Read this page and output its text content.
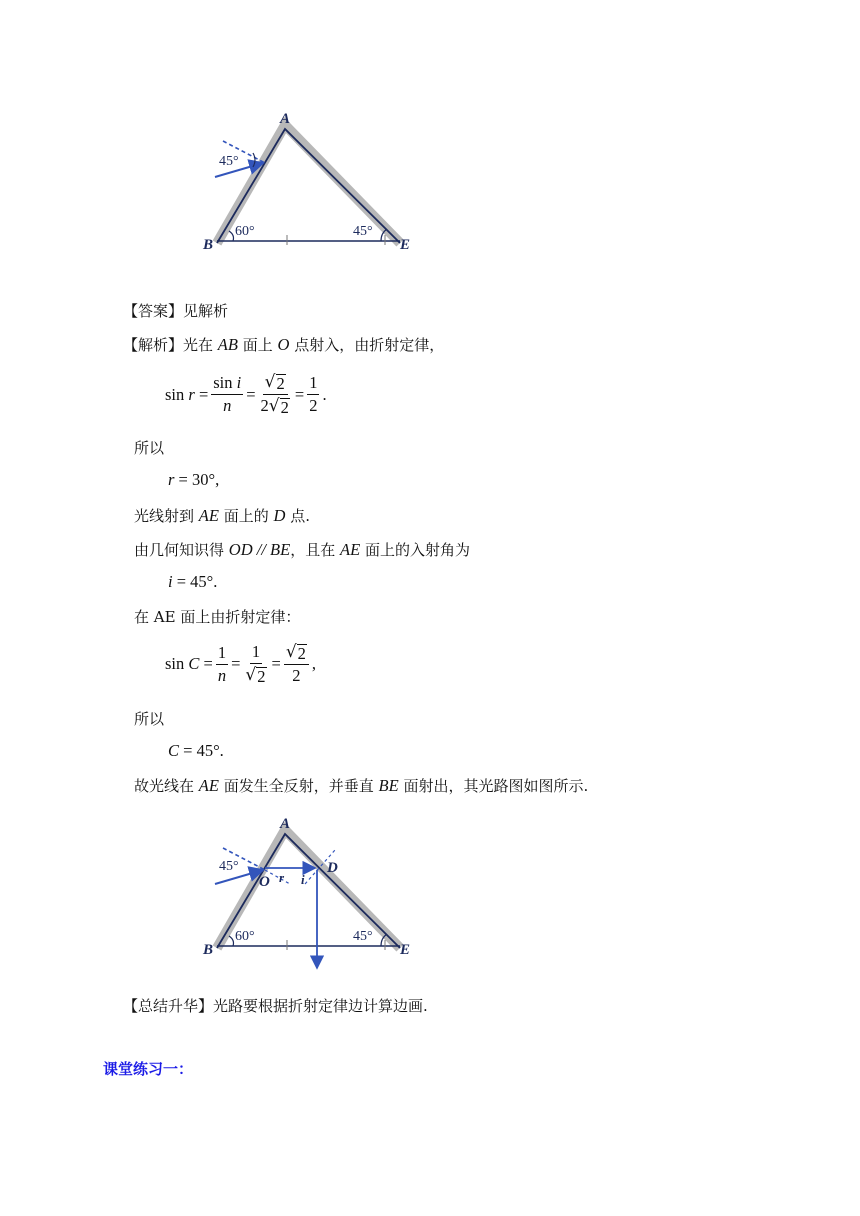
A
B	E
45°
60°	45°
【答案】见解析
【解析】光在 AB 面上 O 点射入，由折射定律，
sin
$r = \frac{\text{sin i}}{n} = \frac{√ 2}{2 √ 2} = \frac{1}{2}$ .
所以
r = 30°,
光线射到 AE 面上的 D 点.
由几何知识得 OD // BE，且在 AE 面上的入射角为
i = 45°.
在 AE 面上由折射定律：
sin
$C = \frac{1}{n} = \frac{1}{√ 2} = \frac{√ 2}{2}$ ,
所以
C = 45°.
故光线在 AE 面发生全反射，并垂直 BE 面射出，其光路图如图所示.
A
B	E
O
D
r i
45°
60°	45°
【总结升华】光路要根据折射定律边计算边画.
课堂练习一：
